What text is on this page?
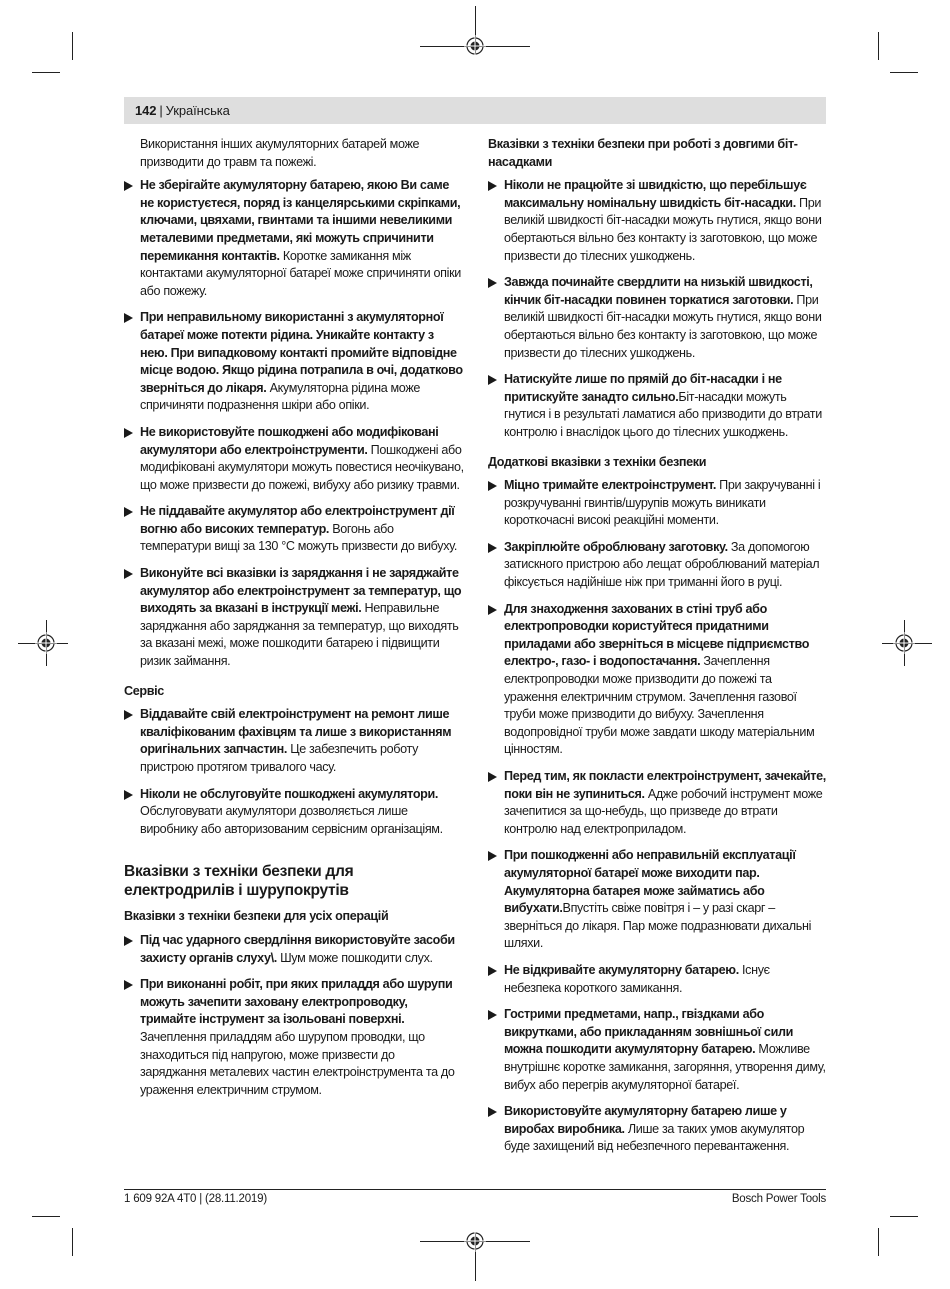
142 | Українська

Використання інших акумуляторних батарей може призводити до травм та пожежі.

Не зберігайте акумуляторну батарею, якою Ви саме не користуєтеся, поряд із канцелярськими скріпками, ключами, цвяхами, гвинтами та іншими невеликими металевими предметами, які можуть спричинити перемикання контактів. Коротке замикання між контактами акумуляторної батареї може спричиняти опіки або пожежу.
При неправильному використанні з акумуляторної батареї може потекти рідина. Уникайте контакту з нею. При випадковому контакті промийте відповідне місце водою. Якщо рідина потрапила в очі, додатково зверніться до лікаря. Акумуляторна рідина може спричиняти подразнення шкіри або опіки.
Не використовуйте пошкоджені або модифіковані акумулятори або електроінструменти. Пошкоджені або модифіковані акумулятори можуть повестися неочікувано, що може призвести до пожежі, вибуху або ризику травми.
Не піддавайте акумулятор або електроінструмент дії вогню або високих температур. Вогонь або температури вищі за 130 °C можуть призвести до вибуху.
Виконуйте всі вказівки із заряджання і не заряджайте акумулятор або електроінструмент за температур, що виходять за вказані в інструкції межі. Неправильне заряджання або заряджання за температур, що виходять за вказані межі, може пошкодити батарею і підвищити ризик займання.
Сервіс
Віддавайте свій електроінструмент на ремонт лише кваліфікованим фахівцям та лише з використанням оригінальних запчастин. Це забезпечить роботу пристрою протягом тривалого часу.
Ніколи не обслуговуйте пошкоджені акумулятори. Обслуговувати акумулятори дозволяється лише виробнику або авторизованим сервісним організаціям.
Вказівки з техніки безпеки для електродрилів і шурупокрутів
Вказівки з техніки безпеки для усіх операцій
Під час ударного свердління використовуйте засоби захисту органів слуху\. Шум може пошкодити слух.
При виконанні робіт, при яких приладдя або шурупи можуть зачепити заховану електропроводку, тримайте інструмент за ізольовані поверхні. Зачеплення приладдям або шурупом проводки, що знаходиться під напругою, може призвести до заряджання металевих частин електроінструмента та до ураження електричним струмом.
Вказівки з техніки безпеки при роботі з довгими біт-насадками
Ніколи не працюйте зі швидкістю, що перебільшує максимальну номінальну швидкість біт-насадки. При великій швидкості біт-насадки можуть гнутися, якщо вони обертаються вільно без контакту із заготовкою, що може призвести до тілесних ушкоджень.
Завжда починайте свердлити на низькій швидкості, кінчик біт-насадки повинен торкатися заготовки. При великій швидкості біт-насадки можуть гнутися, якщо вони обертаються вільно без контакту із заготовкою, що може призвести до тілесних ушкоджень.
Натискуйте лише по прямій до біт-насадки і не притискуйте занадто сильно.Біт-насадки можуть гнутися і в результаті ламатися або призводити до втрати контролю і внаслідок цього до тілесних ушкоджень.
Додаткові вказівки з техніки безпеки
Міцно тримайте електроінструмент. При закручуванні і розкручуванні гвинтів/шурупів можуть виникати короткочасні високі реакційні моменти.
Закріплюйте оброблювану заготовку. За допомогою затискного пристрою або лещат оброблюваний матеріал фіксується надійніше ніж при триманні його в руці.
Для знаходження захованих в стіні труб або електропроводки користуйтеся придатними приладами або зверніться в місцеве підприємство електро-, газо- і водопостачання. Зачеплення електропроводки може призводити до пожежі та ураження електричним струмом. Зачеплення газової труби може призводити до вибуху. Зачеплення водопровідної труби може завдати шкоду матеріальним цінностям.
Перед тим, як покласти електроінструмент, зачекайте, поки він не зупиниться. Адже робочий інструмент може зачепитися за що-небудь, що призведе до втрати контролю над електроприладом.
При пошкодженні або неправильній експлуатації акумуляторної батареї може виходити пар. Акумуляторна батарея може займатись або вибухати.Впустіть свіже повітря і – у разі скарг – зверніться до лікаря. Пар може подразнювати дихальні шляхи.
Не відкривайте акумуляторну батарею. Існує небезпека короткого замикання.
Гострими предметами, напр., гвіздками або викрутками, або прикладанням зовнішньої сили можна пошкодити акумуляторну батарею. Можливе внутрішнє коротке замикання, загоряння, утворення диму, вибух або перегрів акумуляторної батареї.
Використовуйте акумуляторну батарею лише у виробах виробника. Лише за таких умов акумулятор буде захищений від небезпечного перевантаження.
1 609 92A 4T0 | (28.11.2019)	Bosch Power Tools
